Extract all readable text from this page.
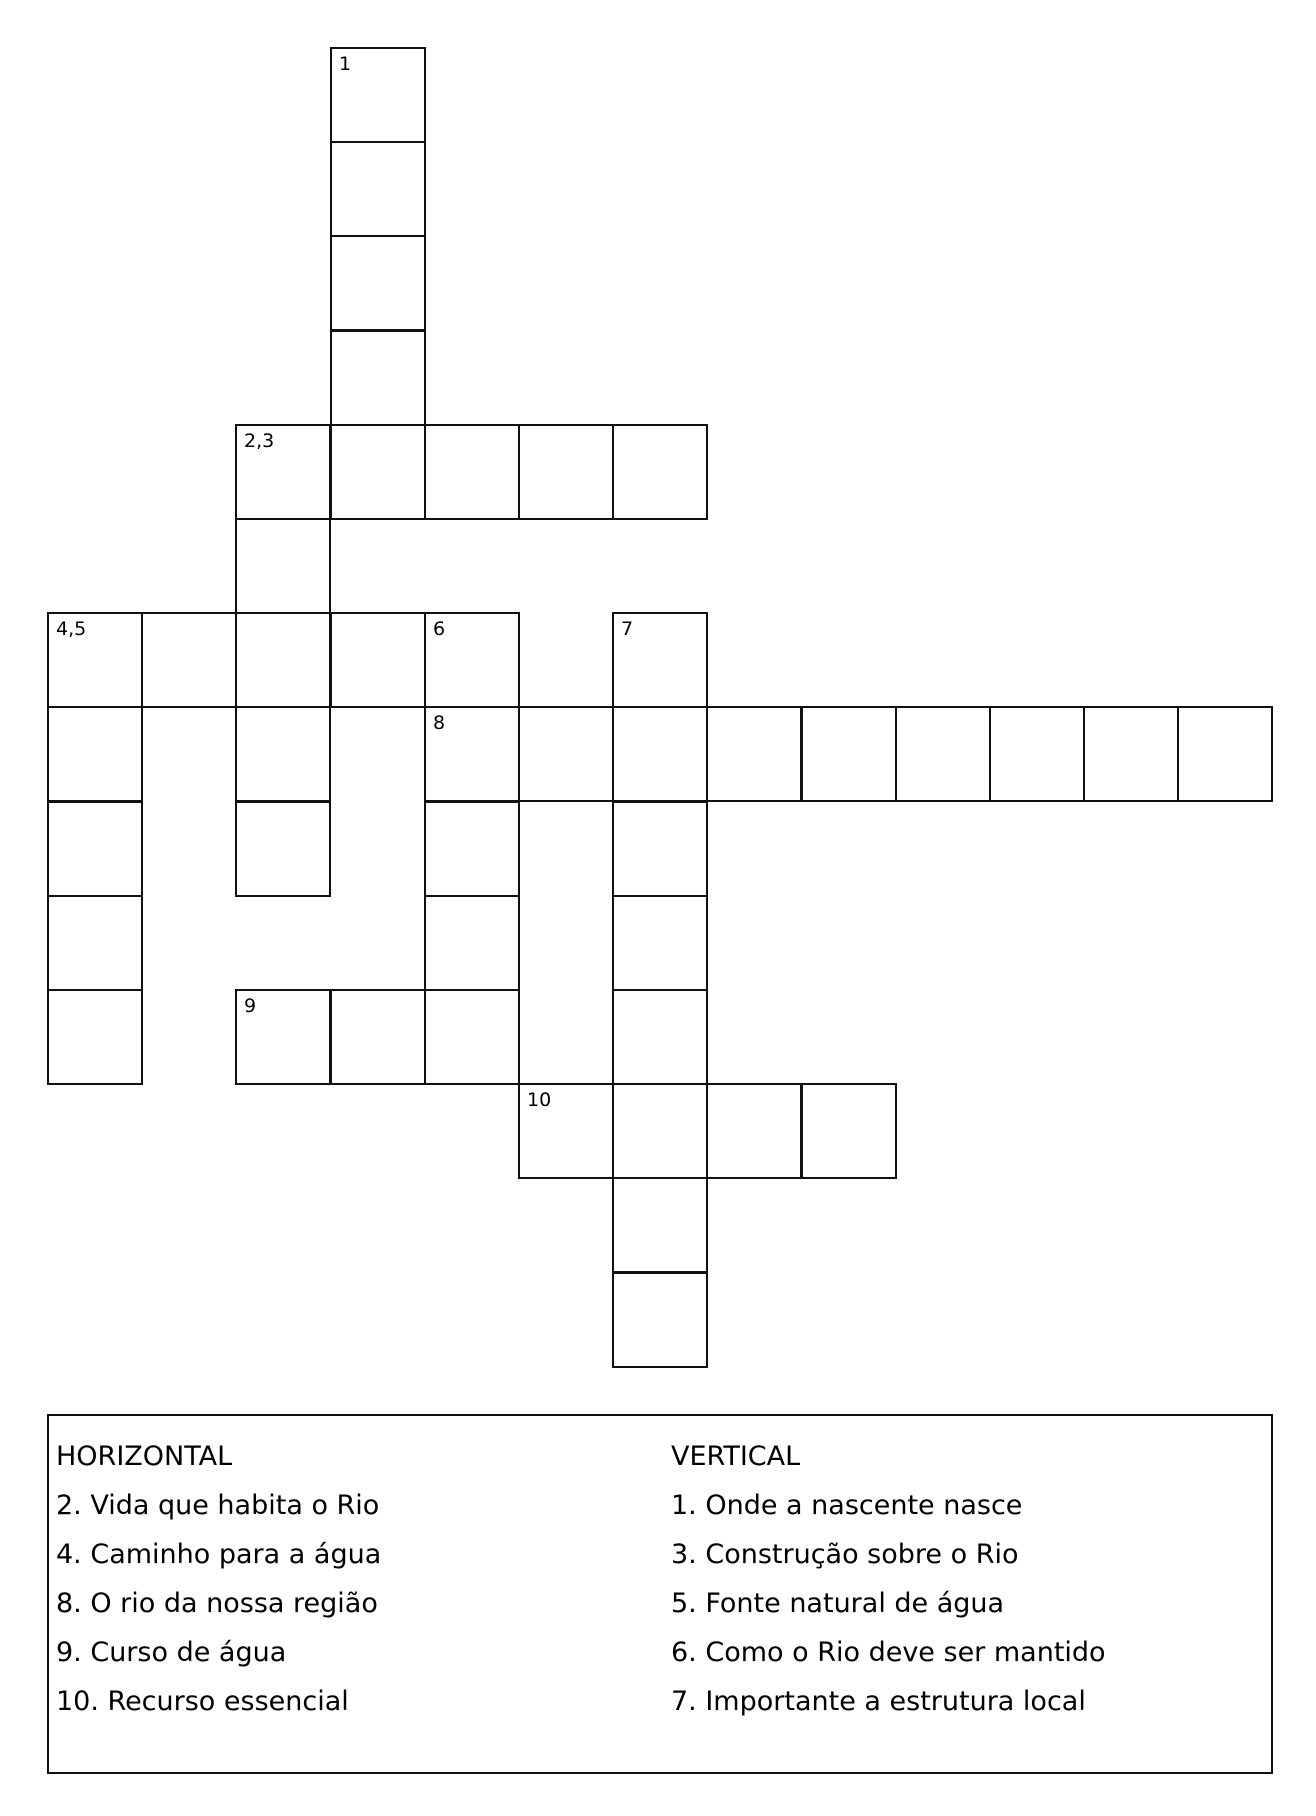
1
2,3
4,5	6	7
8
9
10
HORIZONTAL
2. Vida que habita o Rio
4. Caminho para a água
8. O rio da nossa região
9. Curso de água
10. Recurso essencial
VERTICAL
1. Onde a nascente nasce
3. Construção sobre o Rio
5. Fonte natural de água
6. Como o Rio deve ser mantido
7. Importante a estrutura local
